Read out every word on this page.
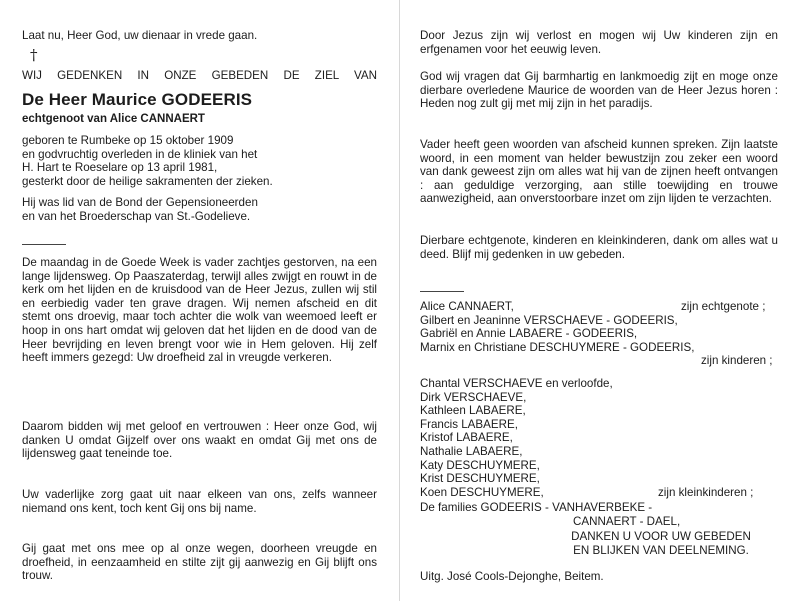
Laat nu, Heer God, uw dienaar in vrede gaan.

†

WIJ GEDENKEN IN ONZE GEBEDEN DE ZIEL VAN

De Heer Maurice GODEERIS

echtgenoot van Alice CANNAERT

geboren te Rumbeke op 15 oktober 1909

en godvruchtig overleden in de kliniek van het

H. Hart te Roeselare op 13 april 1981,

gesterkt door de heilige sakramenten der zieken.

Hij was lid van de Bond der Gepensioneerden

en van het Broederschap van St.-Godelieve.

De maandag in de Goede Week is vader zachtjes gestorven, na een lange lijdensweg. Op Paaszaterdag, terwijl alles zwijgt en rouwt in de kerk om het lijden en de kruisdood van de Heer Jezus, zullen wij stil en eerbiedig vader ten grave dragen. Wij nemen afscheid en dit stemt ons droevig, maar toch achter die wolk van weemoed leeft er hoop in ons hart omdat wij geloven dat het lijden en de dood van de Heer bevrijding en leven brengt voor wie in Hem geloven. Hij zelf heeft immers gezegd: Uw droefheid zal in vreugde verkeren.

Daarom bidden wij met geloof en vertrouwen : Heer onze God, wij danken U omdat Gijzelf over ons waakt en omdat Gij met ons de lijdensweg gaat teneinde toe.

Uw vaderlijke zorg gaat uit naar elkeen van ons, zelfs wanneer niemand ons kent, toch kent Gij ons bij name.

Gij gaat met ons mee op al onze wegen, doorheen vreugde en droefheid, in eenzaamheid en stilte zijt gij aanwezig en Gij blijft ons trouw.

Door Jezus zijn wij verlost en mogen wij Uw kinderen zijn en erfgenamen voor het eeuwig leven.

God wij vragen dat Gij barmhartig en lankmoedig zijt en moge onze dierbare overledene Maurice de woorden van de Heer Jezus horen : Heden nog zult gij met mij zijn in het paradijs.

Vader heeft geen woorden van afscheid kunnen spreken. Zijn laatste woord, in een moment van helder bewustzijn zou zeker een woord van dank geweest zijn om alles wat hij van de zijnen heeft ontvangen : aan geduldige verzorging, aan stille toewijding en trouwe aanwezigheid, aan onverstoorbare inzet om zijn lijden te verzachten.

Dierbare echtgenote, kinderen en kleinkinderen, dank om alles wat u deed. Blijf mij gedenken in uw gebeden.

Alice CANNAERT,	zijn echtgenote ;
Gilbert en Jeaninne VERSCHAEVE - GODEERIS,
Gabriël en Annie LABAERE - GODEERIS,
Marnix en Christiane DESCHUYMERE - GODEERIS,
zijn kinderen ;
Chantal VERSCHAEVE en verloofde,
Dirk VERSCHAEVE,
Kathleen LABAERE,
Francis LABAERE,
Kristof LABAERE,
Nathalie LABAERE,
Katy DESCHUYMERE,
Krist DESCHUYMERE,
Koen DESCHUYMERE,	zijn kleinkinderen ;

De families GODEERIS - VANHAVERBEKE -

CANNAERT - DAEL,

DANKEN U VOOR UW GEBEDEN

EN BLIJKEN VAN DEELNEMING.

Uitg. José Cools-Dejonghe, Beitem.
